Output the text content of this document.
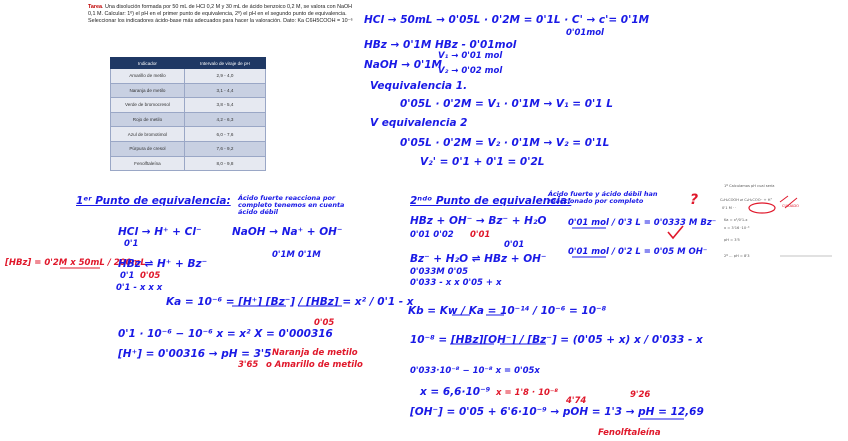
Tarea. Una disolución formada por 50 mL de HCl 0,2 M y 30 mL de ácido benzoico 0,2 M, se valora con NaOH 0,1 M. Calcular: 1º) el pH en el primer punto de equivalencia, 2º) el pH en el segundo punto de equivalencia. Seleccionar los indicadores ácido-base más adecuados para hacer la valoración. Dato: Ka C6H5COOH = 10⁻⁶
Indicador	Intervalo de viraje de pH
Amarillo de metilo	2,9 - 4,0
Naranja de metilo	3,1 - 4,4
Verde de bromocresol	3,8 - 5,4
Rojo de metilo	4,2 - 6,3
Azul de bromotimol	6,0 - 7,6
Púrpura de cresol	7,6 - 9,2
Fenolftaleína	8,0 - 9,8
HCl → 50mL → 0'05L · 0'2M = 0'1L · C' → c'= 0'1M
0'01mol
HBz → 0'1M HBz - 0'01mol
NaOH → 0'1M
V₁ → 0'01 mol
V₂ → 0'02 mol
Vequivalencia 1.
0'05L · 0'2M = V₁ · 0'1M → V₁ = 0'1 L
V equivalencia 2
0'05L · 0'2M = V₂ · 0'1M → V₂ = 0'1L
V₂' = 0'1 + 0'1 = 0'2L
1ᵉʳ Punto de equivalencia: Ácido fuerte reacciona por completo tenemos en cuenta ácido débil
HCl → H⁺ + Cl⁻
0'1
NaOH → Na⁺ + OH⁻
0'1M 0'1M
[HBz] = 0'2M x 50mL / 200mL
HBz ⇌ H⁺ + Bz⁻
0'1 0'05
0'1 - x x x
Ka = 10⁻⁶ = [H⁺] [Bz⁻] / [HBz] = x² / 0'1 - x
0'05
0'1 · 10⁻⁶ − 10⁻⁶ x = x² X = 0'000316
[H⁺] = 0'00316 → pH = 3'5
3'65
Naranja de metilo
o Amarillo de metilo
2ⁿᵈᵒ Punto de equivalencia:
Ácido fuerte y ácido débil han reaccionado por completo	?
HBz + OH⁻ → Bz⁻ + H₂O
0'01 0'02 0'01
0'01
0'01 mol / 0'3 L = 0'0333 M Bz⁻
0'01 mol / 0'2 L = 0'05 M OH⁻
Bz⁻ + H₂O ⇌ HBz + OH⁻
0'033M 0'05
0'033 - x x 0'05 + x
Kb = Kw / Ka = 10⁻¹⁴ / 10⁻⁶ = 10⁻⁸
10⁻⁸ = [HBz][OH⁻] / [Bz⁻] = (0'05 + x) x / 0'033 - x
0'033·10⁻⁸ − 10⁻⁸ x = 0'05x
x = 6,6·10⁻⁹ x = 1'8 · 10⁻⁸
[OH⁻] = 0'05 + 6'6·10⁻⁹ → pOH = 1'3 → pH = 12,69
4'74
9'26
Fenolftaleína
1º Calculamos pH cual sería
C₆H₅COOH ⇌ C₆H₅COO⁻ + H⁺
0'1 M · ·
Ka = x²/0'1-x
x = 3'16 ·10⁻⁴
pH = 3'5
2º ... pH = 8'3
CUIDADO
